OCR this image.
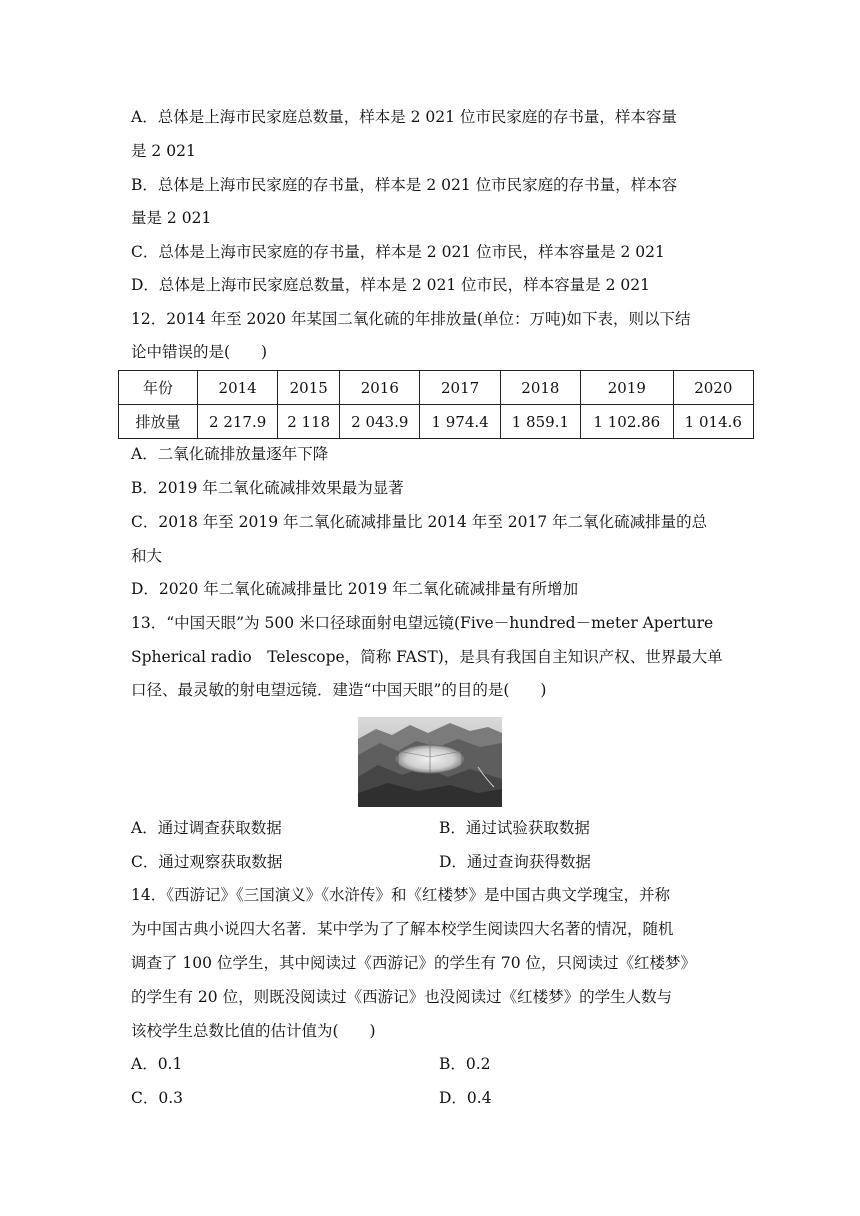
A．总体是上海市民家庭总数量，样本是 2 021 位市民家庭的存书量，样本容量
是 2 021
B．总体是上海市民家庭的存书量，样本是 2 021 位市民家庭的存书量，样本容
量是 2 021
C．总体是上海市民家庭的存书量，样本是 2 021 位市民，样本容量是 2 021
D．总体是上海市民家庭总数量，样本是 2 021 位市民，样本容量是 2 021
12．2014 年至 2020 年某国二氧化硫的年排放量(单位：万吨)如下表，则以下结
论中错误的是(　　)
年份	2014	2015	2016	2017	2018	2019	2020
排放量	2 217.9	2 118	2 043.9	1 974.4	1 859.1	1 102.86	1 014.6
A．二氧化硫排放量逐年下降
B．2019 年二氧化硫减排效果最为显著
C．2018 年至 2019 年二氧化硫减排量比 2014 年至 2017 年二氧化硫减排量的总
和大
D．2020 年二氧化硫减排量比 2019 年二氧化硫减排量有所增加
13．“中国天眼”为 500 米口径球面射电望远镜(Five－hundred－meter Aperture
Spherical radio　Telescope，简称 FAST)，是具有我国自主知识产权、世界最大单
口径、最灵敏的射电望远镜．建造“中国天眼”的目的是(　　)
A．通过调查获取数据	B．通过试验获取数据
C．通过观察获取数据	D．通过查询获得数据
14．《西游记》《三国演义》《水浒传》和《红楼梦》是中国古典文学瑰宝，并称
为中国古典小说四大名著．某中学为了了解本校学生阅读四大名著的情况，随机
调查了 100 位学生，其中阅读过《西游记》的学生有 70 位，只阅读过《红楼梦》
的学生有 20 位，则既没阅读过《西游记》也没阅读过《红楼梦》的学生人数与
该校学生总数比值的估计值为(　　)
A．0.1	B．0.2
C．0.3	D．0.4
